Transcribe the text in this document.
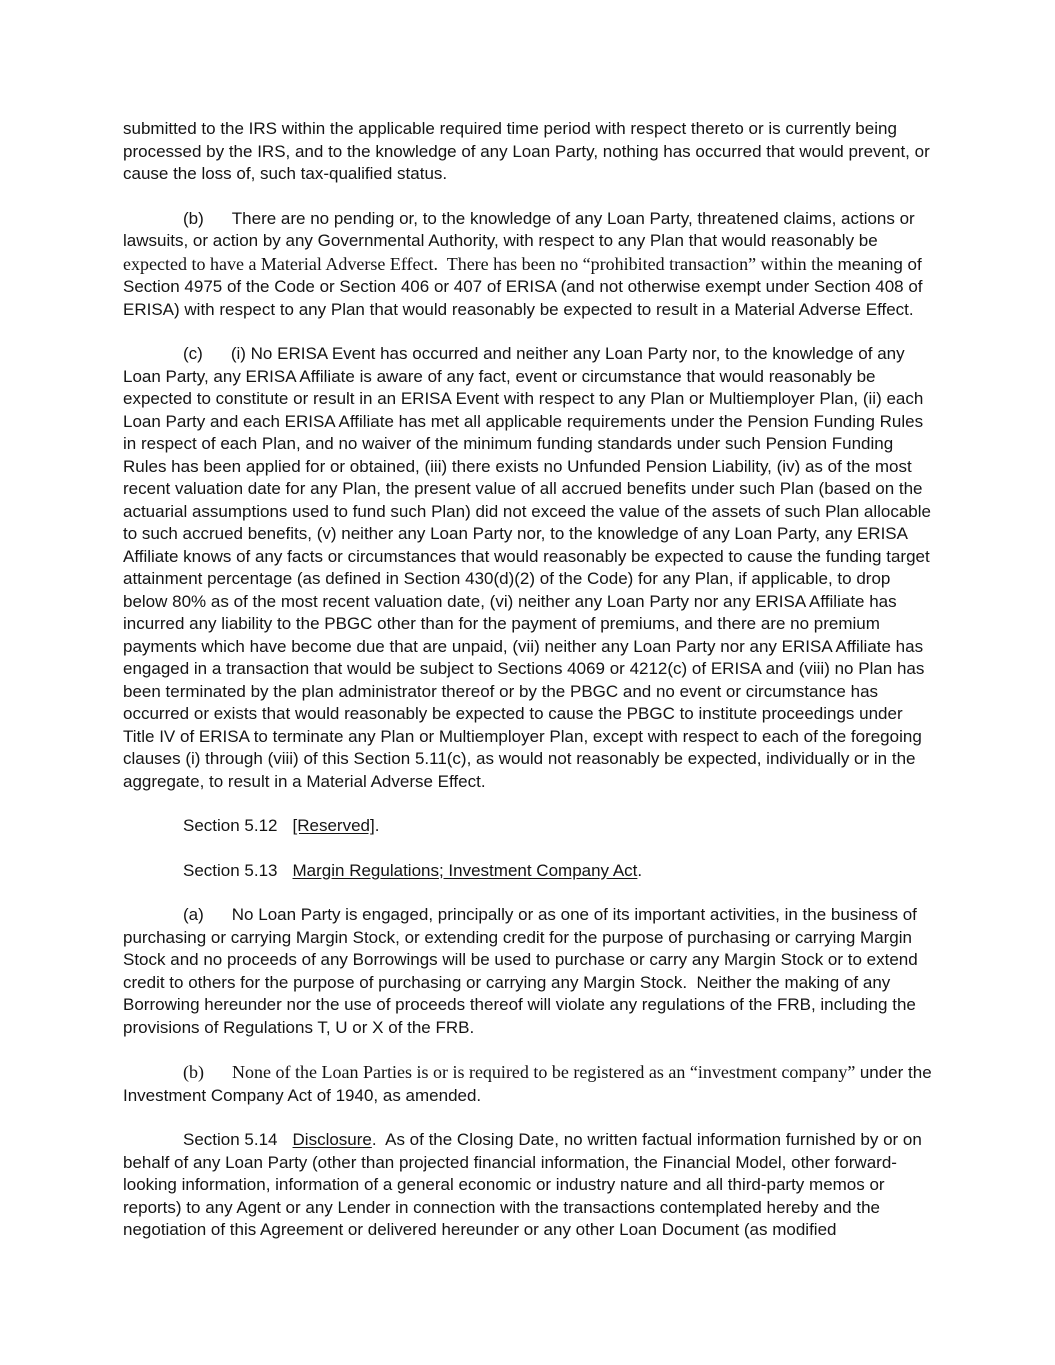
submitted to the IRS within the applicable required time period with respect thereto or is currently being processed by the IRS, and to the knowledge of any Loan Party, nothing has occurred that would prevent, or cause the loss of, such tax-qualified status.

(b) There are no pending or, to the knowledge of any Loan Party, threatened claims, actions or lawsuits, or action by any Governmental Authority, with respect to any Plan that would reasonably be expected to have a Material Adverse Effect.  There has been no “prohibited transaction” within the meaning of Section 4975 of the Code or Section 406 or 407 of ERISA (and not otherwise exempt under Section 408 of ERISA) with respect to any Plan that would reasonably be expected to result in a Material Adverse Effect.

(c) (i) No ERISA Event has occurred and neither any Loan Party nor, to the knowledge of any Loan Party, any ERISA Affiliate is aware of any fact, event or circumstance that would reasonably be expected to constitute or result in an ERISA Event with respect to any Plan or Multiemployer Plan, (ii) each Loan Party and each ERISA Affiliate has met all applicable requirements under the Pension Funding Rules in respect of each Plan, and no waiver of the minimum funding standards under such Pension Funding Rules has been applied for or obtained, (iii) there exists no Unfunded Pension Liability, (iv) as of the most recent valuation date for any Plan, the present value of all accrued benefits under such Plan (based on the actuarial assumptions used to fund such Plan) did not exceed the value of the assets of such Plan allocable to such accrued benefits, (v) neither any Loan Party nor, to the knowledge of any Loan Party, any ERISA Affiliate knows of any facts or circumstances that would reasonably be expected to cause the funding target attainment percentage (as defined in Section 430(d)(2) of the Code) for any Plan, if applicable, to drop below 80% as of the most recent valuation date, (vi) neither any Loan Party nor any ERISA Affiliate has incurred any liability to the PBGC other than for the payment of premiums, and there are no premium payments which have become due that are unpaid, (vii) neither any Loan Party nor any ERISA Affiliate has engaged in a transaction that would be subject to Sections 4069 or 4212(c) of ERISA and (viii) no Plan has been terminated by the plan administrator thereof or by the PBGC and no event or circumstance has occurred or exists that would reasonably be expected to cause the PBGC to institute proceedings under Title IV of ERISA to terminate any Plan or Multiemployer Plan, except with respect to each of the foregoing clauses (i) through (viii) of this Section 5.11(c), as would not reasonably be expected, individually or in the aggregate, to result in a Material Adverse Effect.

Section 5.12 [Reserved].

Section 5.13 Margin Regulations; Investment Company Act.

(a) No Loan Party is engaged, principally or as one of its important activities, in the business of purchasing or carrying Margin Stock, or extending credit for the purpose of purchasing or carrying Margin Stock and no proceeds of any Borrowings will be used to purchase or carry any Margin Stock or to extend credit to others for the purpose of purchasing or carrying any Margin Stock.  Neither the making of any Borrowing hereunder nor the use of proceeds thereof will violate any regulations of the FRB, including the provisions of Regulations T, U or X of the FRB.

(b) None of the Loan Parties is or is required to be registered as an “investment company” under the Investment Company Act of 1940, as amended.

Section 5.14 Disclosure.  As of the Closing Date, no written factual information furnished by or on behalf of any Loan Party (other than projected financial information, the Financial Model, other forward-looking information, information of a general economic or industry nature and all third-party memos or reports) to any Agent or any Lender in connection with the transactions contemplated hereby and the negotiation of this Agreement or delivered hereunder or any other Loan Document (as modified
